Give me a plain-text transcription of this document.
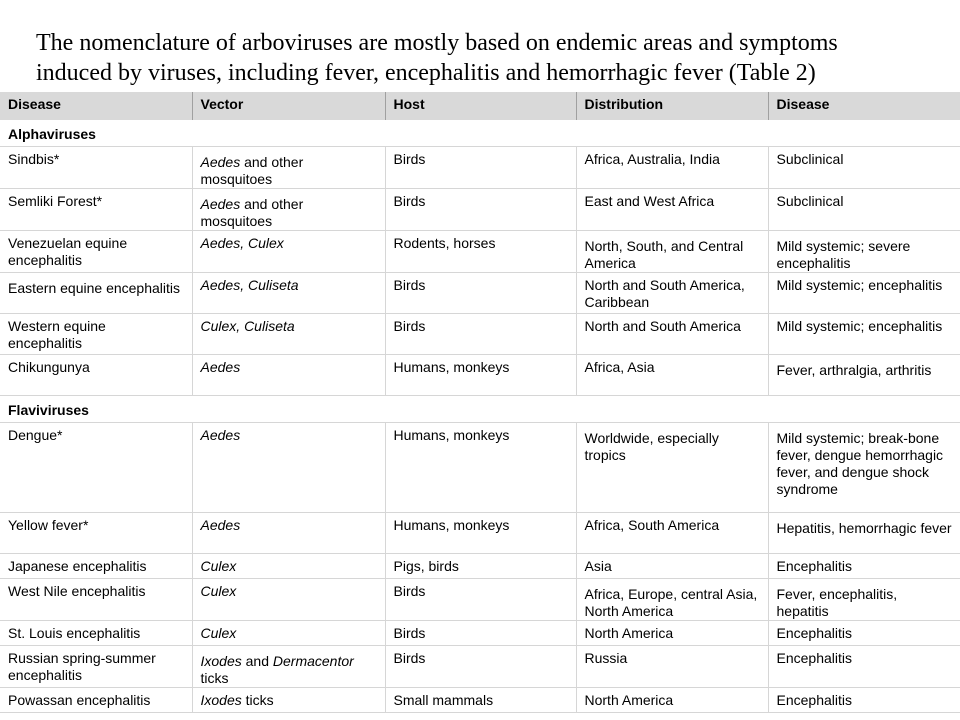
The nomenclature of arboviruses are mostly based on endemic areas and symptoms
induced by viruses, including fever, encephalitis and hemorrhagic fever (Table 2)
Disease	Vector	Host	Distribution	Disease
Alphaviruses				
Sindbis*	Aedes and other mosquitoes	Birds	Africa, Australia, India	Subclinical
Semliki Forest*	Aedes and other mosquitoes	Birds	East and West Africa	Subclinical
Venezuelan equine encephalitis	Aedes, Culex	Rodents, horses	North, South, and Central America	Mild systemic; severe encephalitis

Eastern equine encephalitis	Aedes, Culiseta	Birds	North and South America, Caribbean	Mild systemic; encephalitis
Western equine encephalitis	Culex, Culiseta	Birds	North and South America	Mild systemic; encephalitis
Chikungunya	Aedes	Humans, monkeys	Africa, Asia	Fever, arthralgia, arthritis

Flaviviruses				
Dengue*	Aedes	Humans, monkeys	Worldwide, especially tropics	Mild systemic; break-bone fever, dengue hemorrhagic fever, and dengue shock syndrome

Yellow fever*	Aedes	Humans, monkeys	Africa, South America	Hepatitis, hemorrhagic fever

Japanese encephalitis	Culex	Pigs, birds	Asia	Encephalitis
West Nile encephalitis	Culex	Birds	Africa, Europe, central Asia, North America	Fever, encephalitis, hepatitis

St. Louis encephalitis	Culex	Birds	North America	Encephalitis
Russian spring-summer encephalitis	Ixodes and Dermacentor ticks	Birds	Russia	Encephalitis
Powassan encephalitis	Ixodes ticks	Small mammals	North America	Encephalitis
